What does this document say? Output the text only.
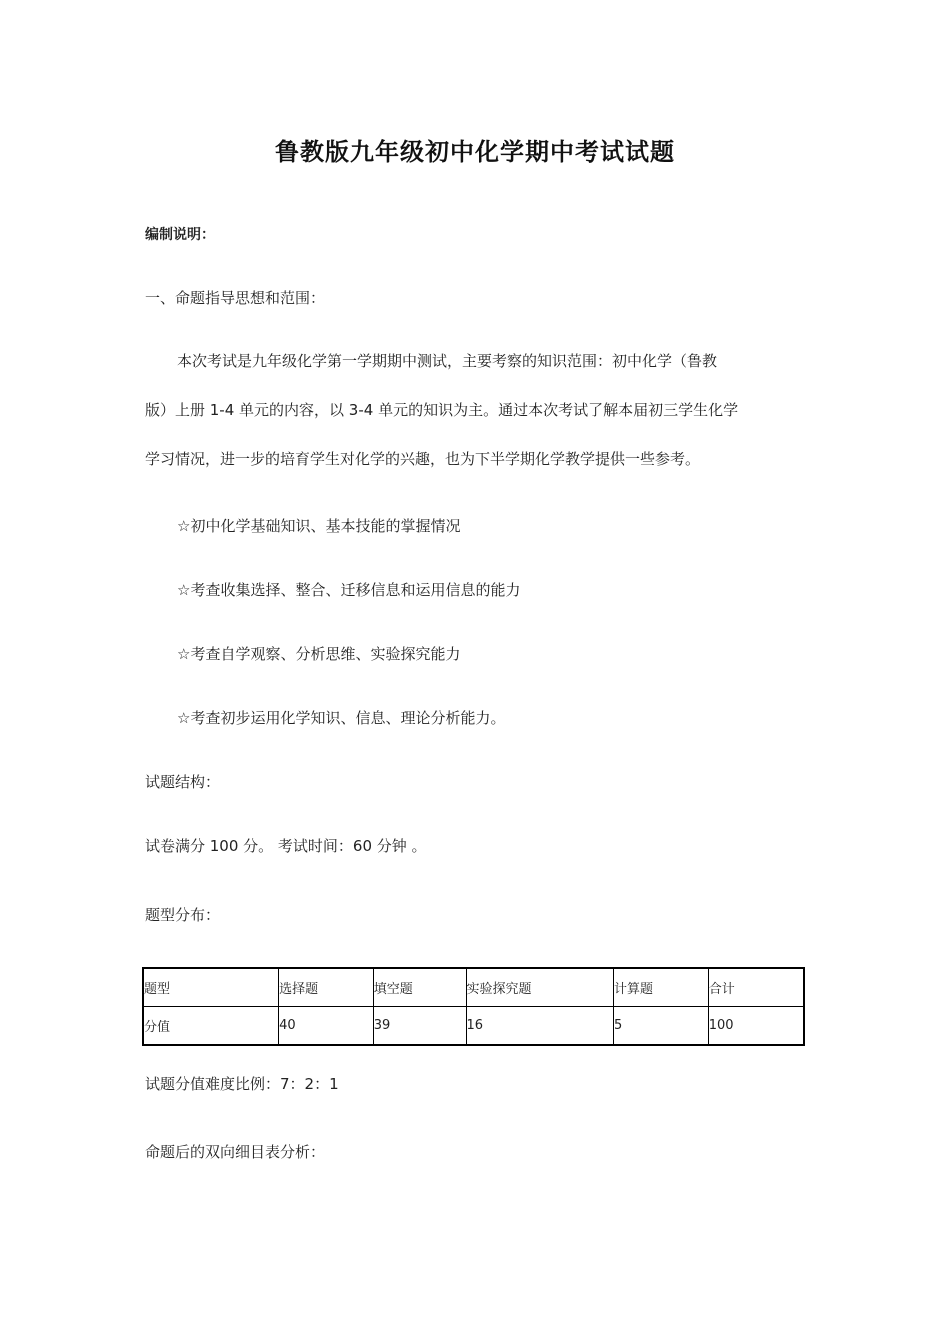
鲁教版九年级初中化学期中考试试题
编制说明：
一、命题指导思想和范围：

本次考试是九年级化学第一学期期中测试，主要考察的知识范围：初中化学（鲁教

版）上册 1-4 单元的内容，以 3-4 单元的知识为主。通过本次考试了解本届初三学生化学

学习情况，进一步的培育学生对化学的兴趣，也为下半学期化学教学提供一些参考。

☆初中化学基础知识、基本技能的掌握情况
☆考查收集选择、整合、迁移信息和运用信息的能力
☆考查自学观察、分析思维、实验探究能力
☆考查初步运用化学知识、信息、理论分析能力。
试题结构：
试卷满分 100 分。 考试时间：60 分钟 。
题型分布：
题型	选择题	填空题	实验探究题	计算题	合计
分值	40	39	16	5	100
试题分值难度比例：7：2：1
命题后的双向细目表分析：
